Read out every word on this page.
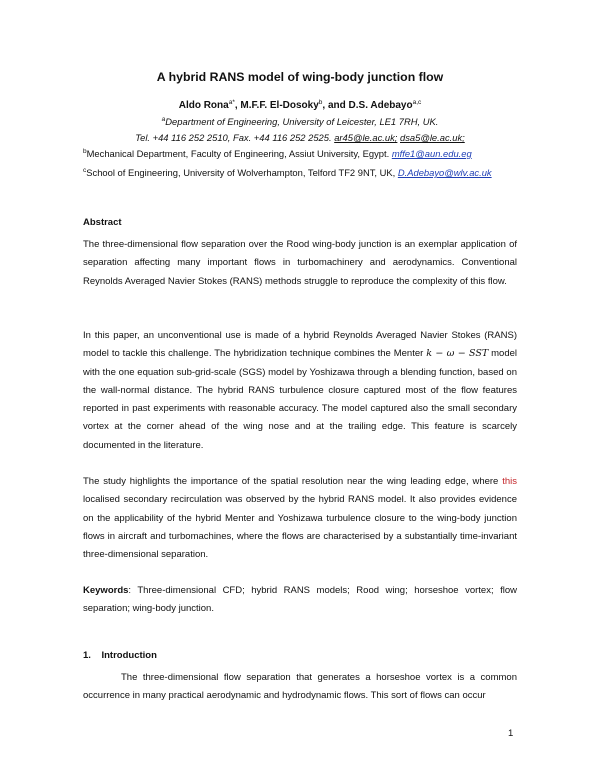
A hybrid RANS model of wing-body junction flow
Aldo Rona$^{a*}$, M.F.F. El-Dosoky$^b$, and D.S. Adebayo$^{a,c}$
$^a$Department of Engineering, University of Leicester, LE1 7RH, UK.
Tel. +44 116 252 2510, Fax. +44 116 252 2525. ar45@le.ac.uk; dsa5@le.ac.uk;
$^b$Mechanical Department, Faculty of Engineering, Assiut University, Egypt. mffe1@aun.edu.eg
$^c$School of Engineering, University of Wolverhampton, Telford TF2 9NT, UK, D.Adebayo@wlv.ac.uk
Abstract

The three-dimensional flow separation over the Rood wing-body junction is an exemplar application of separation affecting many important flows in turbomachinery and aerodynamics. Conventional Reynolds Averaged Navier Stokes (RANS) methods struggle to reproduce the complexity of this flow.

In this paper, an unconventional use is made of a hybrid Reynolds Averaged Navier Stokes (RANS) model to tackle this challenge. The hybridization technique combines the Menter k − ω − SST model with the one equation sub-grid-scale (SGS) model by Yoshizawa through a blending function, based on the wall-normal distance. The hybrid RANS turbulence closure captured most of the flow features reported in past experiments with reasonable accuracy. The model captured also the small secondary vortex at the corner ahead of the wing nose and at the trailing edge. This feature is scarcely documented in the literature.

The study highlights the importance of the spatial resolution near the wing leading edge, where this localised secondary recirculation was observed by the hybrid RANS model. It also provides evidence on the applicability of the hybrid Menter and Yoshizawa turbulence closure to the wing-body junction flows in aircraft and turbomachines, where the flows are characterised by a substantially time-invariant three-dimensional separation.

Keywords: Three-dimensional CFD; hybrid RANS models; Rood wing; horseshoe vortex; flow separation; wing-body junction.

1.    Introduction

The three-dimensional flow separation that generates a horseshoe vortex is a common occurrence in many practical aerodynamic and hydrodynamic flows. This sort of flows can occur

1
